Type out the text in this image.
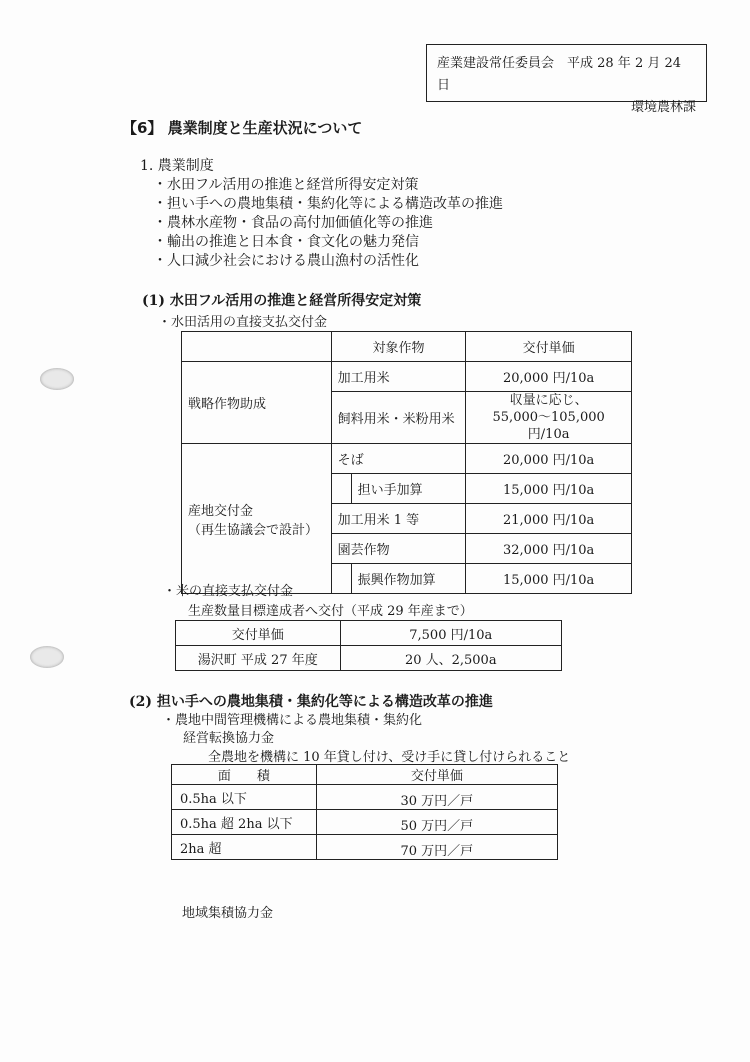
産業建設常任委員会　平成 28 年 2 月 24 日
環境農林課
【6】 農業制度と生産状況について
1. 農業制度
・水田フル活用の推進と経営所得安定対策
・担い手への農地集積・集約化等による構造改革の推進
・農林水産物・食品の高付加価値化等の推進
・輸出の推進と日本食・食文化の魅力発信
・人口減少社会における農山漁村の活性化
(1) 水田フル活用の推進と経営所得安定対策
・水田活用の直接支払交付金
	対象作物		交付単価
戦略作物助成	加工用米		20,000 円/10a
	飼料用米・米粉用米		収量に応じ、
55,000～105,000 円/10a

産地交付金
（再生協議会で設計）	そば		20,000 円/10a
		担い手加算	15,000 円/10a
	加工用米 1 等		21,000 円/10a
	園芸作物		32,000 円/10a
		振興作物加算	15,000 円/10a
・米の直接支払交付金
生産数量目標達成者へ交付（平成 29 年産まで）
交付単価	7,500 円/10a
湯沢町 平成 27 年度	20 人、2,500a
(2) 担い手への農地集積・集約化等による構造改革の推進
・農地中間管理機構による農地集積・集約化
経営転換協力金
全農地を機構に 10 年貸し付け、受け手に貸し付けられること
面　　積	交付単価
0.5ha 以下	30 万円／戸
0.5ha 超 2ha 以下	50 万円／戸
2ha 超	70 万円／戸
地域集積協力金
